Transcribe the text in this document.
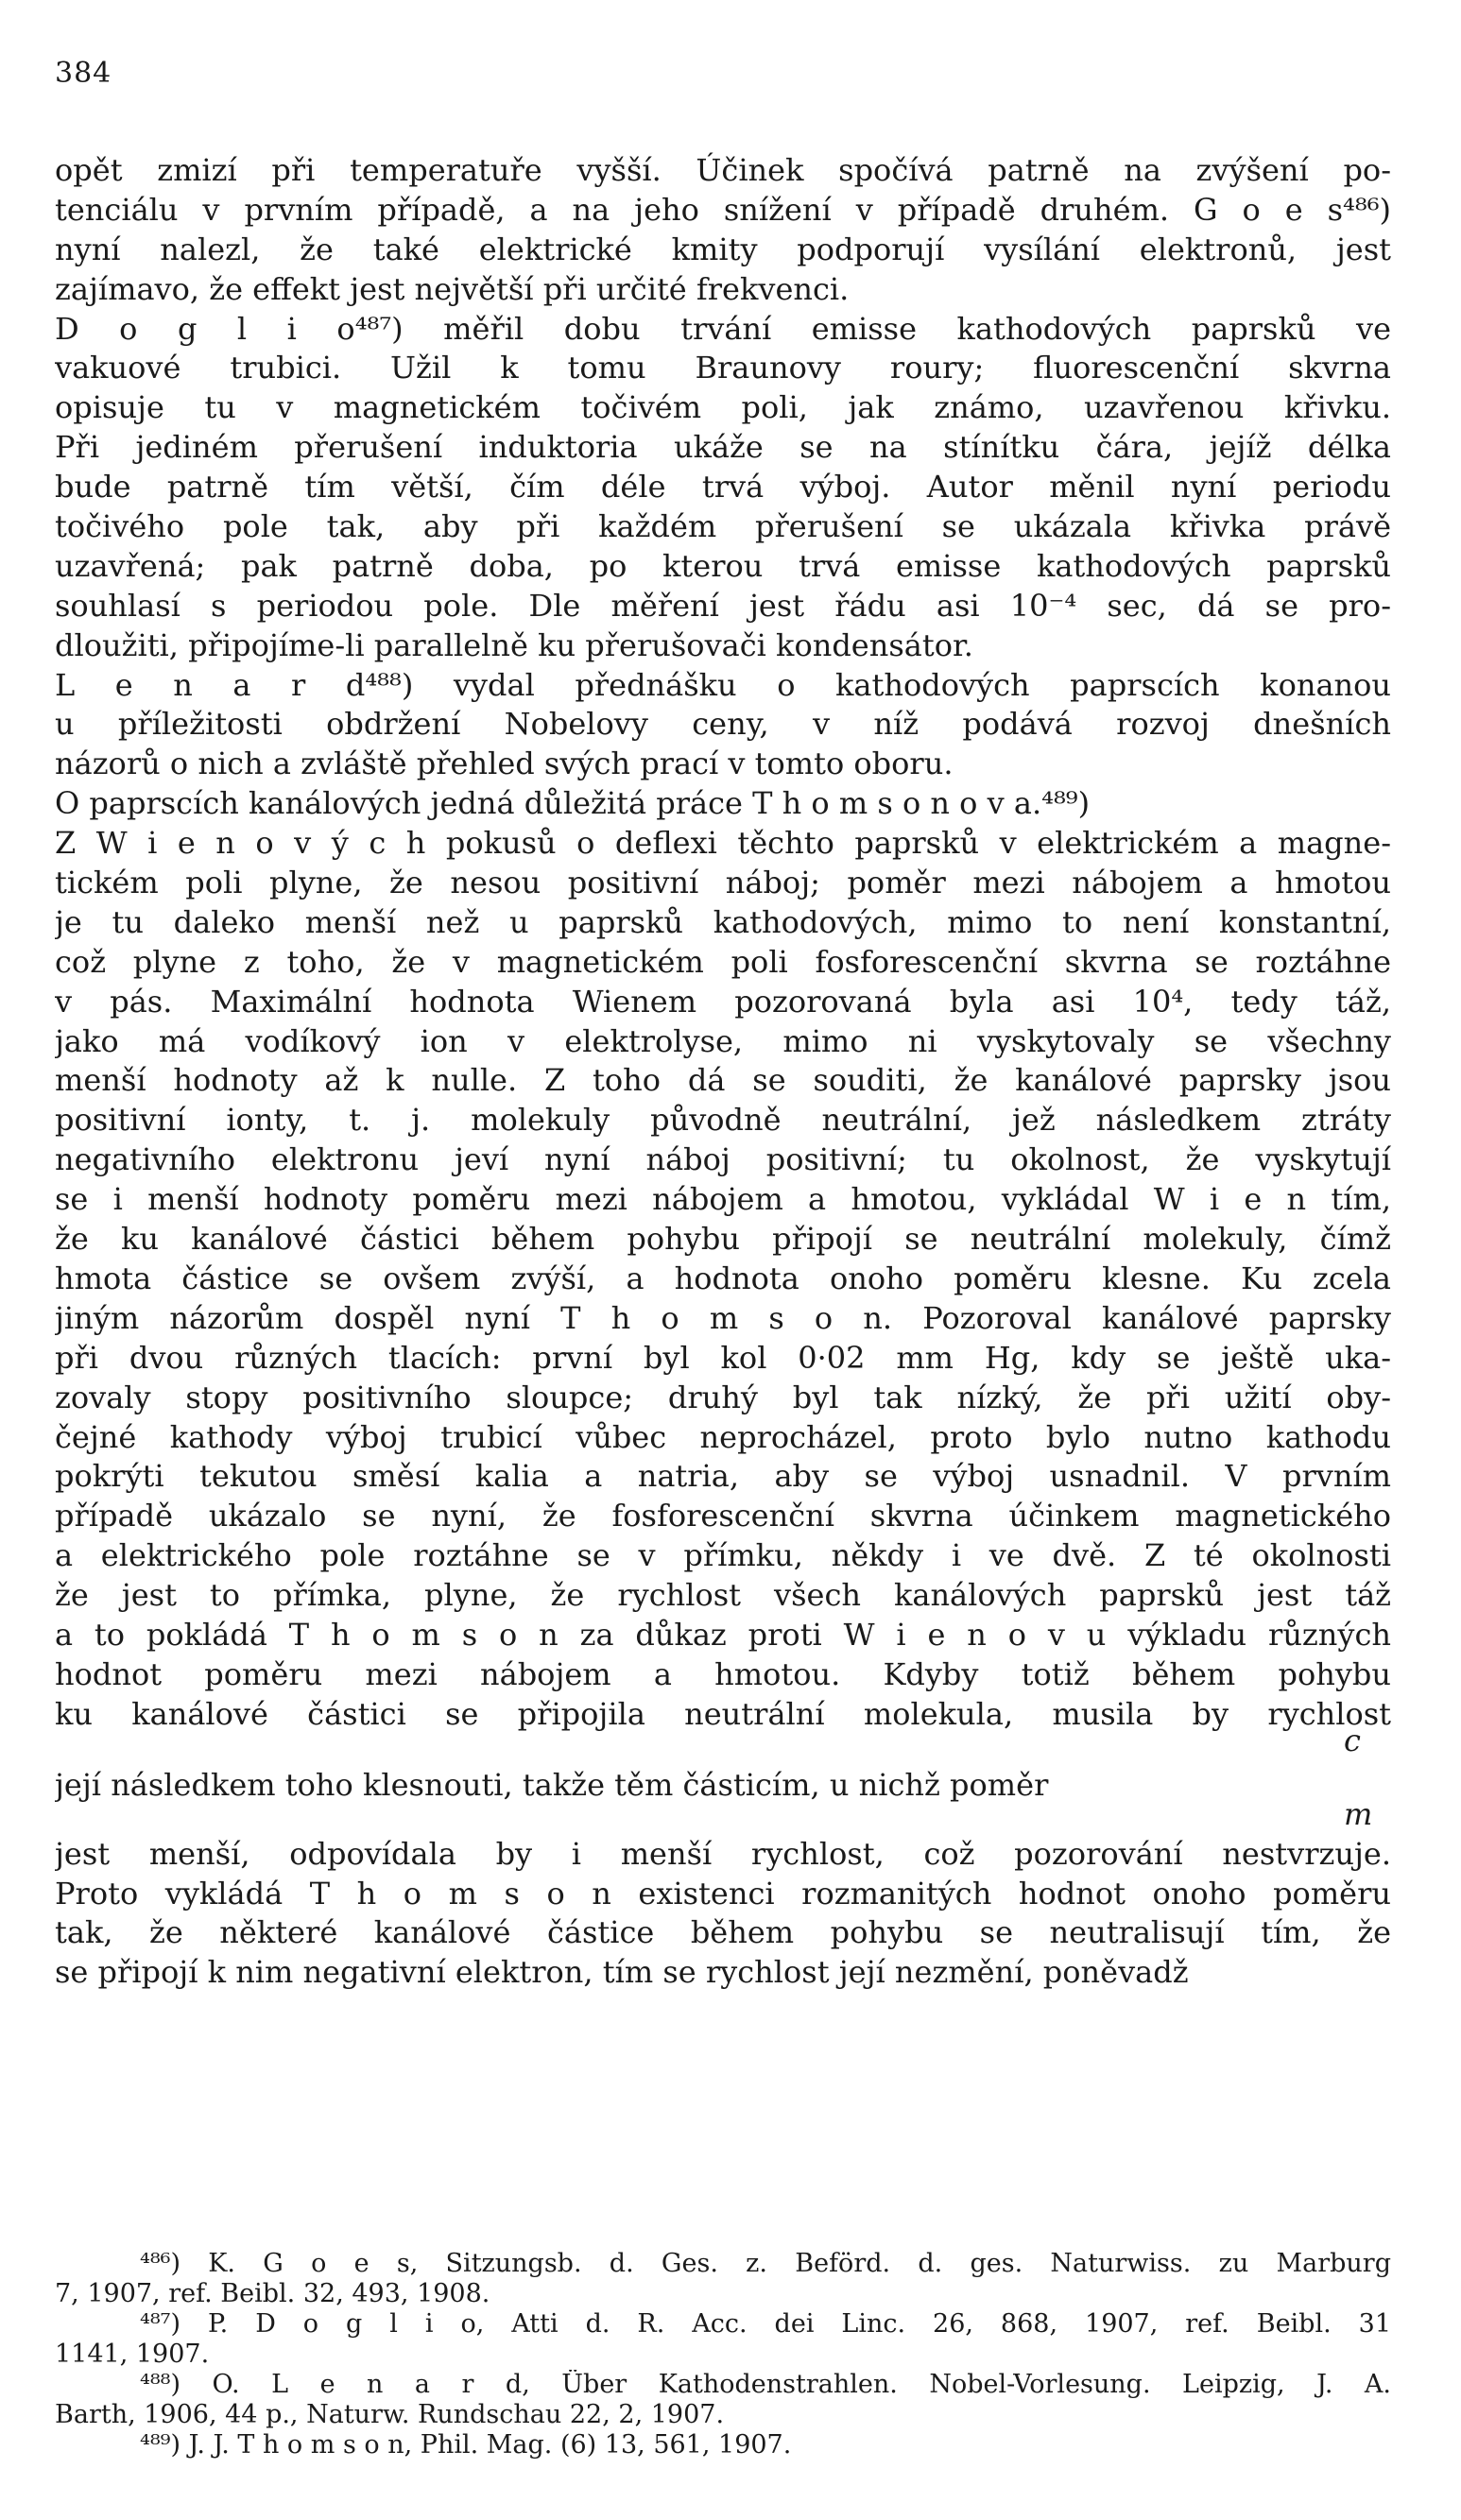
384
opět zmizí při temperatuře vyšší. Účinek spočívá patrně na zvýšení po-
tenciálu v prvním případě, a na jeho snížení v případě druhém. G o e s⁴⁸⁶)
nyní nalezl, že také elektrické kmity podporují vysílání elektronů, jest
zajímavo, že effekt jest největší při určité frekvenci.
D o g l i o⁴⁸⁷) měřil dobu trvání emisse kathodových paprsků ve
vakuové trubici. Užil k tomu Braunovy roury; fluorescenční skvrna
opisuje tu v magnetickém točivém poli, jak známo, uzavřenou křivku.
Při jediném přerušení induktoria ukáže se na stínítku čára, jejíž délka
bude patrně tím větší, čím déle trvá výboj. Autor měnil nyní periodu
točivého pole tak, aby při každém přerušení se ukázala křivka právě
uzavřená; pak patrně doba, po kterou trvá emisse kathodových paprsků
souhlasí s periodou pole. Dle měření jest řádu asi 10⁻⁴ sec, dá se pro-
dloužiti, připojíme-li parallelně ku přerušovači kondensátor.
L e n a r d⁴⁸⁸) vydal přednášku o kathodových paprscích konanou
u příležitosti obdržení Nobelovy ceny, v níž podává rozvoj dnešních
názorů o nich a zvláště přehled svých prací v tomto oboru.
O paprscích kanálových jedná důležitá práce T h o m s o n o v a.⁴⁸⁹)
Z W i e n o v ý c h pokusů o deflexi těchto paprsků v elektrickém a magne-
tickém poli plyne, že nesou positivní náboj; poměr mezi nábojem a hmotou
je tu daleko menší než u paprsků kathodových, mimo to není konstantní,
což plyne z toho, že v magnetickém poli fosforescenční skvrna se roztáhne
v pás. Maximální hodnota Wienem pozorovaná byla asi 10⁴, tedy táž,
jako má vodíkový ion v elektrolyse, mimo ni vyskytovaly se všechny
menší hodnoty až k nulle. Z toho dá se souditi, že kanálové paprsky jsou
positivní ionty, t. j. molekuly původně neutrální, jež následkem ztráty
negativního elektronu jeví nyní náboj positivní; tu okolnost, že vyskytují
se i menší hodnoty poměru mezi nábojem a hmotou, vykládal W i e n tím,
že ku kanálové částici během pohybu připojí se neutrální molekuly, čímž
hmota částice se ovšem zvýší, a hodnota onoho poměru klesne. Ku zcela
jiným názorům dospěl nyní T h o m s o n. Pozoroval kanálové paprsky
při dvou různých tlacích: první byl kol 0·02 mm Hg, kdy se ještě uka-
zovaly stopy positivního sloupce; druhý byl tak nízký, že při užití oby-
čejné kathody výboj trubicí vůbec neprocházel, proto bylo nutno kathodu
pokrýti tekutou směsí kalia a natria, aby se výboj usnadnil. V prvním
případě ukázalo se nyní, že fosforescenční skvrna účinkem magnetického
a elektrického pole roztáhne se v přímku, někdy i ve dvě. Z té okolnosti
že jest to přímka, plyne, že rychlost všech kanálových paprsků jest táž
a to pokládá T h o m s o n za důkaz proti W i e n o v u výkladu různých
hodnot poměru mezi nábojem a hmotou. Kdyby totiž během pohybu
ku kanálové částici se připojila neutrální molekula, musila by rychlost
její následkem toho klesnouti, takže těm částicím, u nichž poměr
c
m
jest menší, odpovídala by i menší rychlost, což pozorování nestvrzuje.
Proto vykládá T h o m s o n existenci rozmanitých hodnot onoho poměru
tak, že některé kanálové částice během pohybu se neutralisují tím, že
se připojí k nim negativní elektron, tím se rychlost její nezmění, poněvadž
⁴⁸⁶) K. G o e s, Sitzungsb. d. Ges. z. Beförd. d. ges. Naturwiss. zu Marburg
7, 1907, ref. Beibl. 32, 493, 1908.
⁴⁸⁷) P. D o g l i o, Atti d. R. Acc. dei Linc. 26, 868, 1907, ref. Beibl. 31
1141, 1907.
⁴⁸⁸) O. L e n a r d, Über Kathodenstrahlen. Nobel-Vorlesung. Leipzig, J. A.
Barth, 1906, 44 p., Naturw. Rundschau 22, 2, 1907.
⁴⁸⁹) J. J. T h o m s o n, Phil. Mag. (6) 13, 561, 1907.
